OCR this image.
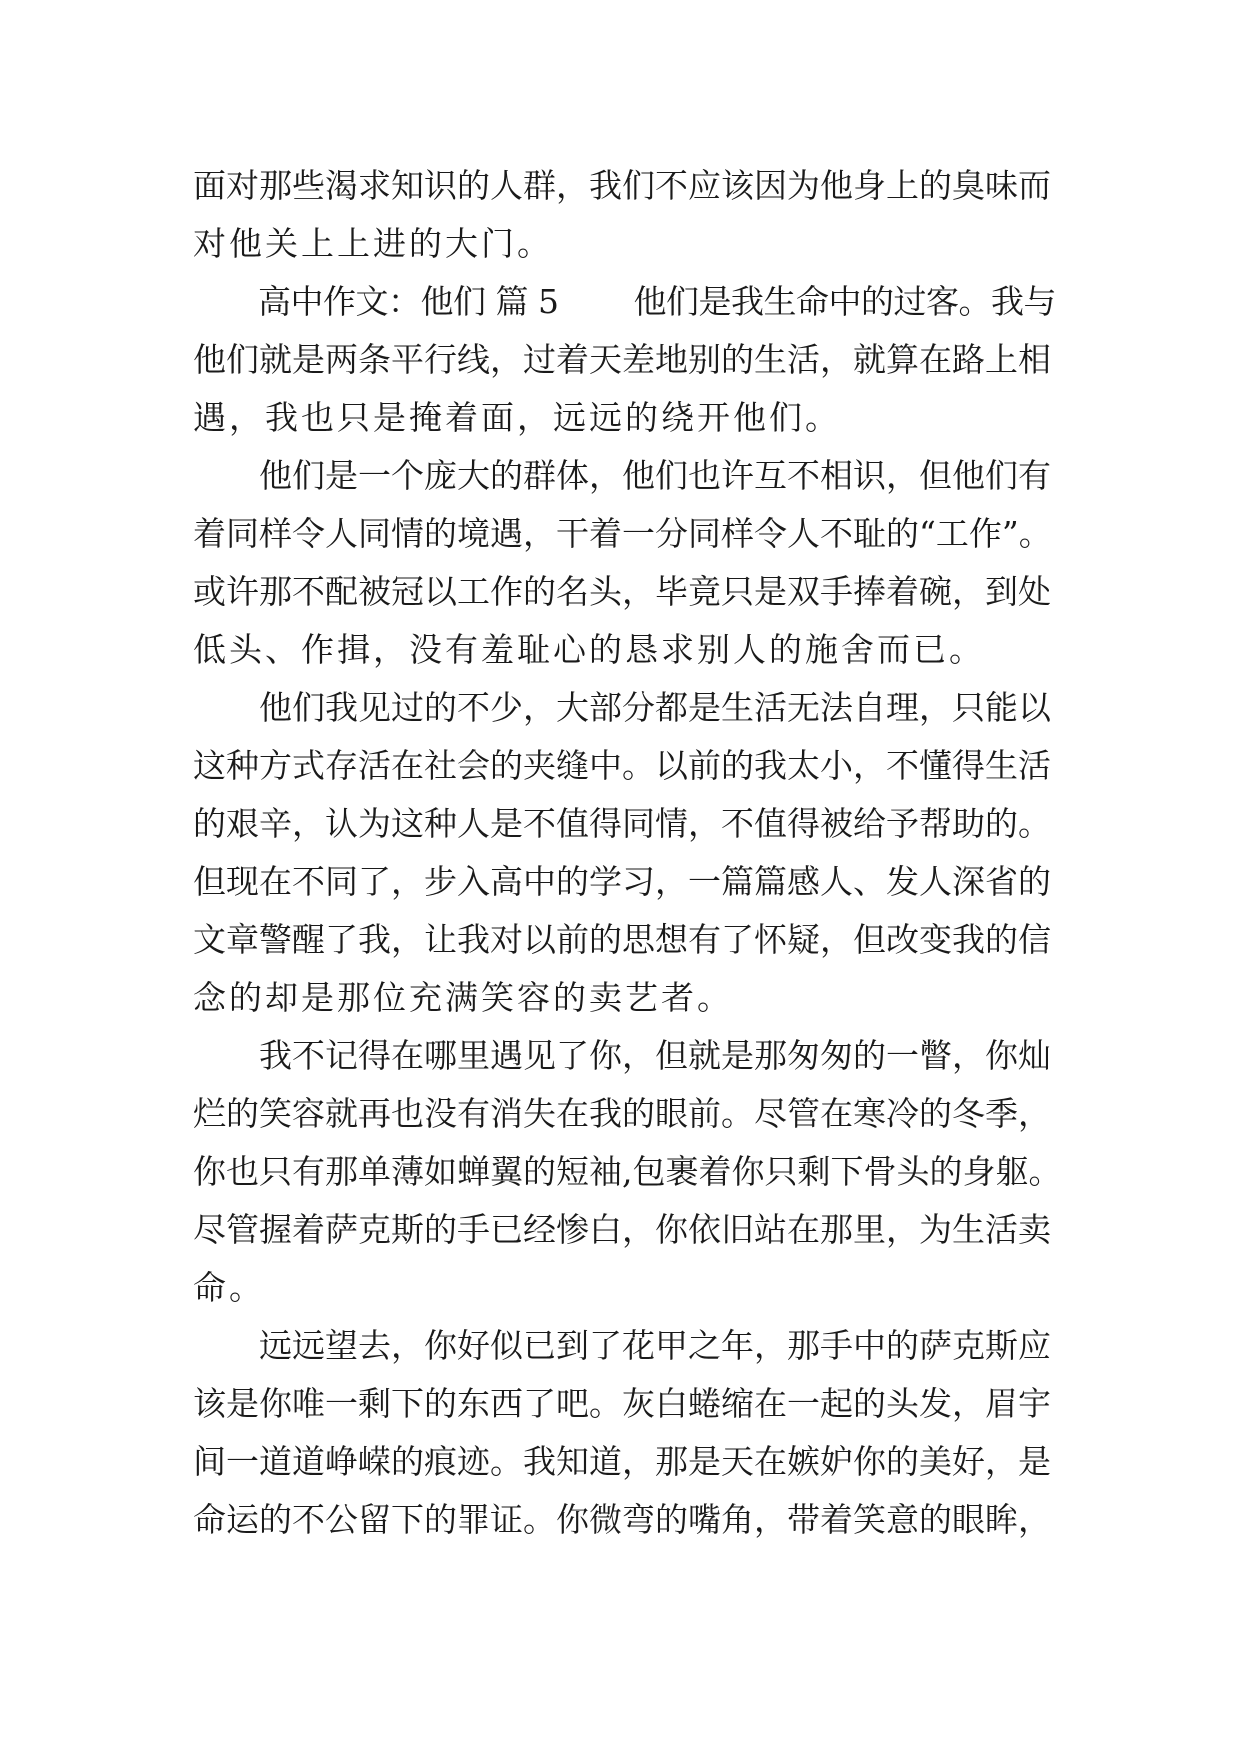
面对那些渴求知识的人群，我们不应该因为他身上的臭味而
对他关上上进的大门。
　　高中作文：他们 篇 5　　 他们是我生命中的过客。我与
他们就是两条平行线，过着天差地别的生活，就算在路上相
遇，我也只是掩着面，远远的绕开他们。
　　他们是一个庞大的群体，他们也许互不相识，但他们有
着同样令人同情的境遇，干着一分同样令人不耻的“工作”。
或许那不配被冠以工作的名头，毕竟只是双手捧着碗，到处
低头、作揖，没有羞耻心的恳求别人的施舍而已。
　　他们我见过的不少，大部分都是生活无法自理，只能以
这种方式存活在社会的夹缝中。以前的我太小，不懂得生活
的艰辛，认为这种人是不值得同情，不值得被给予帮助的。
但现在不同了，步入高中的学习，一篇篇感人、发人深省的
文章警醒了我，让我对以前的思想有了怀疑，但改变我的信
念的却是那位充满笑容的卖艺者。
　　我不记得在哪里遇见了你，但就是那匆匆的一瞥，你灿
烂的笑容就再也没有消失在我的眼前。尽管在寒冷的冬季，
你也只有那单薄如蝉翼的短袖,包裹着你只剩下骨头的身躯。
尽管握着萨克斯的手已经惨白，你依旧站在那里，为生活卖
命。
　　远远望去，你好似已到了花甲之年，那手中的萨克斯应
该是你唯一剩下的东西了吧。灰白蜷缩在一起的头发，眉宇
间一道道峥嵘的痕迹。我知道，那是天在嫉妒你的美好，是
命运的不公留下的罪证。你微弯的嘴角，带着笑意的眼眸，
